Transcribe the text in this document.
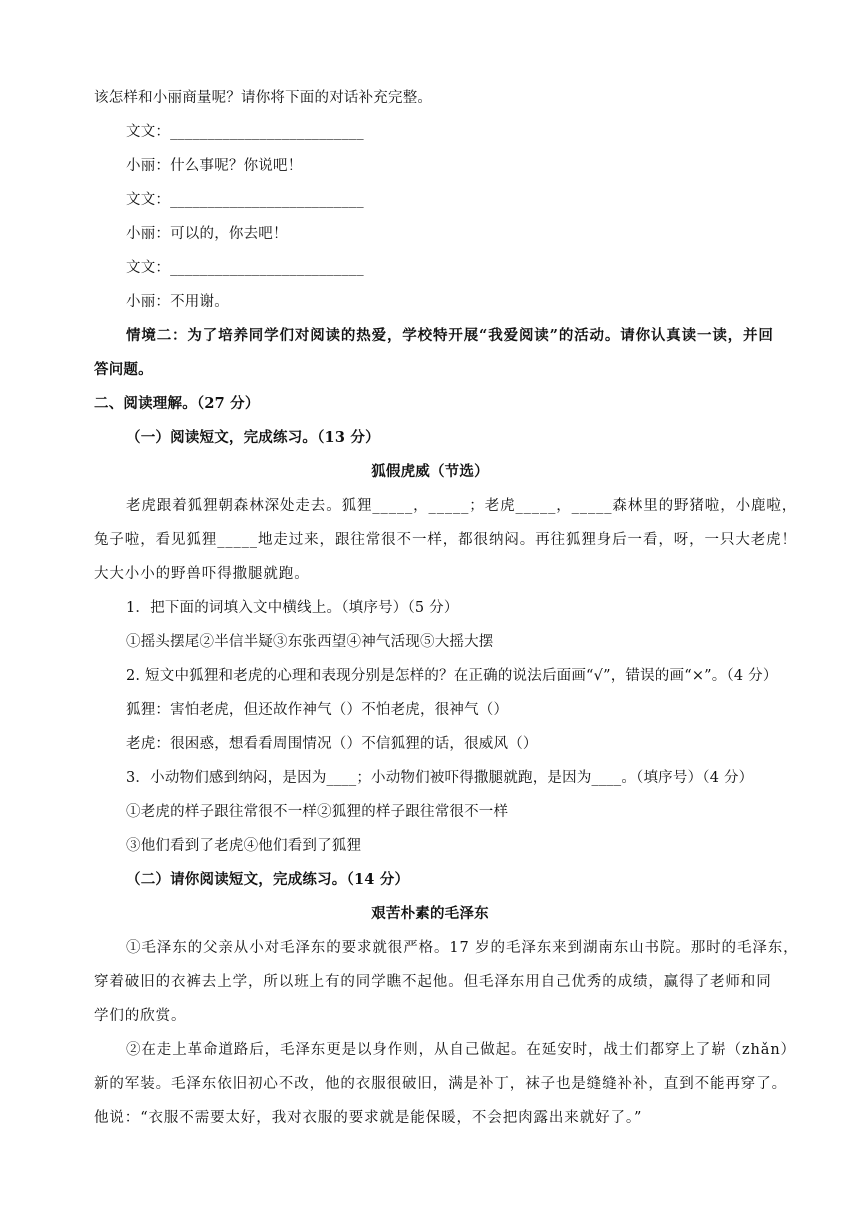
该怎样和小丽商量呢？请你将下面的对话补充完整。
文文：__________________________
小丽：什么事呢？你说吧！
文文：__________________________
小丽：可以的，你去吧！
文文：__________________________
小丽：不用谢。
情境二：为了培养同学们对阅读的热爱，学校特开展“我爱阅读”的活动。请你认真读一读，并回
答问题。
二、阅读理解。（27 分）
（一）阅读短文，完成练习。（13 分）
狐假虎威（节选）
老虎跟着狐狸朝森林深处走去。狐狸_____，_____；老虎_____，_____森林里的野猪啦，小鹿啦，
兔子啦，看见狐狸_____地走过来，跟往常很不一样，都很纳闷。再往狐狸身后一看，呀，一只大老虎！
大大小小的野兽吓得撒腿就跑。
1．把下面的词填入文中横线上。（填序号）（5 分）
①摇头摆尾②半信半疑③东张西望④神气活现⑤大摇大摆
2. 短文中狐狸和老虎的心理和表现分别是怎样的？在正确的说法后面画“√”，错误的画“×”。（4 分）
狐狸：害怕老虎，但还故作神气（）不怕老虎，很神气（）
老虎：很困惑，想看看周围情况（）不信狐狸的话，很威风（）
3．小动物们感到纳闷，是因为____；小动物们被吓得撒腿就跑，是因为____。（填序号）（4 分）
①老虎的样子跟往常很不一样②狐狸的样子跟往常很不一样
③他们看到了老虎④他们看到了狐狸
（二）请你阅读短文，完成练习。（14 分）
艰苦朴素的毛泽东
①毛泽东的父亲从小对毛泽东的要求就很严格。17 岁的毛泽东来到湖南东山书院。那时的毛泽东，
穿着破旧的衣裤去上学，所以班上有的同学瞧不起他。但毛泽东用自己优秀的成绩，赢得了老师和同
学们的欣赏。
②在走上革命道路后，毛泽东更是以身作则，从自己做起。在延安时，战士们都穿上了崭（zhǎn）
新的军装。毛泽东依旧初心不改，他的衣服很破旧，满是补丁，袜子也是缝缝补补，直到不能再穿了。
他说：“衣服不需要太好，我对衣服的要求就是能保暖，不会把肉露出来就好了。”
